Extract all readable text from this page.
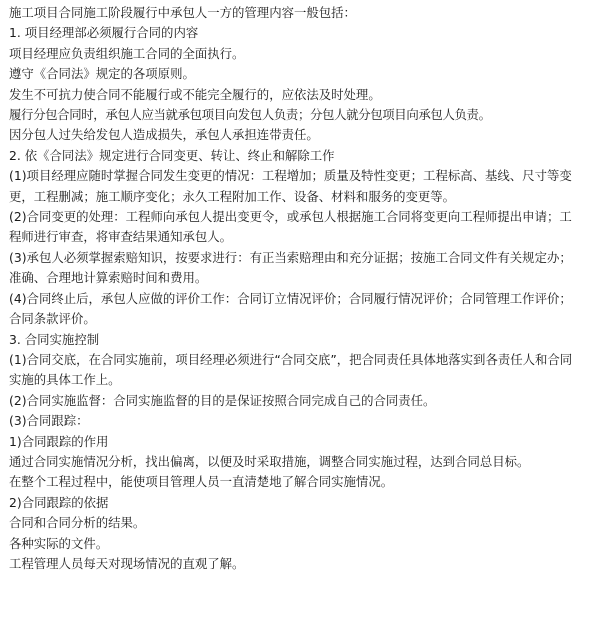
施工项目合同施工阶段履行中承包人一方的管理内容一般包括：
1. 项目经理部必须履行合同的内容
项目经理应负责组织施工合同的全面执行。
遵守《合同法》规定的各项原则。
发生不可抗力使合同不能履行或不能完全履行的，应依法及时处理。
履行分包合同时，承包人应当就承包项目向发包人负责；分包人就分包项目向承包人负责。
因分包人过失给发包人造成损失，承包人承担连带责任。
2. 依《合同法》规定进行合同变更、转让、终止和解除工作
(1)项目经理应随时掌握合同发生变更的情况：工程增加；质量及特性变更；工程标高、基线、尺寸等变更，工程删减；施工顺序变化；永久工程附加工作、设备、材料和服务的变更等。
(2)合同变更的处理：工程师向承包人提出变更令，或承包人根据施工合同将变更向工程师提出申请；工程师进行审查，将审查结果通知承包人。
(3)承包人必须掌握索赔知识，按要求进行：有正当索赔理由和充分证据；按施工合同文件有关规定办；准确、合理地计算索赔时间和费用。
(4)合同终止后，承包人应做的评价工作：合同订立情况评价；合同履行情况评价；合同管理工作评价；合同条款评价。
3. 合同实施控制
(1)合同交底，在合同实施前，项目经理必须进行“合同交底”，把合同责任具体地落实到各责任人和合同实施的具体工作上。
(2)合同实施监督：合同实施监督的目的是保证按照合同完成自己的合同责任。
(3)合同跟踪：
1)合同跟踪的作用
通过合同实施情况分析，找出偏离，以便及时采取措施，调整合同实施过程，达到合同总目标。
在整个工程过程中，能使项目管理人员一直清楚地了解合同实施情况。
2)合同跟踪的依据
合同和合同分析的结果。
各种实际的文件。
工程管理人员每天对现场情况的直观了解。
